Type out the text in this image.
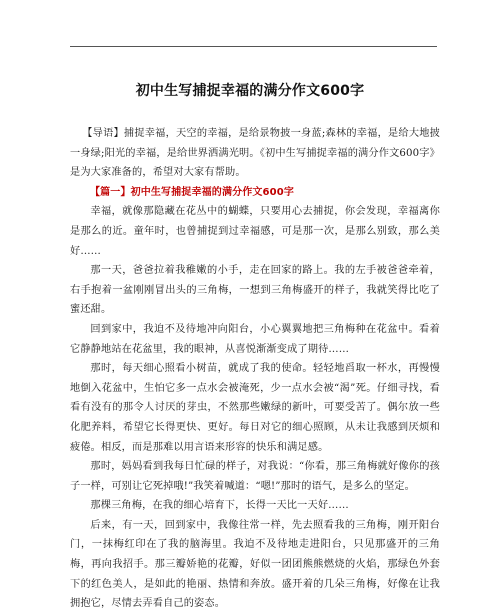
初中生写捕捉幸福的满分作文600字

【导语】捕捉幸福，天空的幸福，是给景物披一身蓝;森林的幸福，是给大地披一身绿;阳光的幸福，是给世界洒满光明。《初中生写捕捉幸福的满分作文600字》是为大家准备的，希望对大家有帮助。

【篇一】初中生写捕捉幸福的满分作文600字

幸福，就像那隐藏在花丛中的蝴蝶，只要用心去捕捉，你会发现，幸福离你是那么的近。童年时，也曾捕捉到过幸福感，可是那一次，是那么别致，那么美好……

那一天，爸爸拉着我稚嫩的小手，走在回家的路上。我的左手被爸爸牵着，右手抱着一盆刚刚冒出头的三角梅，一想到三角梅盛开的样子，我就笑得比吃了蜜还甜。

回到家中，我迫不及待地冲向阳台，小心翼翼地把三角梅种在花盆中。看着它静静地站在花盆里，我的眼神，从喜悦渐渐变成了期待……

那时，每天细心照看小树苗，就成了我的使命。轻轻地舀取一杯水，再慢慢地倒入花盆中，生怕它多一点水会被淹死，少一点水会被“渴”死。仔细寻找，看看有没有的那令人讨厌的芽虫，不然那些嫩绿的新叶，可要受苦了。偶尔放一些化肥养料，希望它长得更快、更好。每日对它的细心照顾，从未让我感到厌烦和疲倦。相反，而是那难以用言语来形容的快乐和满足感。

那时，妈妈看到我每日忙碌的样子，对我说：“你看，那三角梅就好像你的孩子一样，可别让它死掉哦!”我笑着喊道：“嗯!”那时的语气，是多么的坚定。

那棵三角梅，在我的细心培育下，长得一天比一天好……

后来，有一天，回到家中，我像往常一样，先去照看我的三角梅，刚开阳台门，一抹梅红印在了我的脑海里。我迫不及待地走进阳台，只见那盛开的三角梅，再向我招手。那三瓣娇艳的花瓣，好似一团团熊熊燃烧的火焰，那绿色外套下的红色美人，是如此的艳丽、热情和奔放。盛开着的几朵三角梅，好像在让我拥抱它，尽情去弄看自己的姿态。
